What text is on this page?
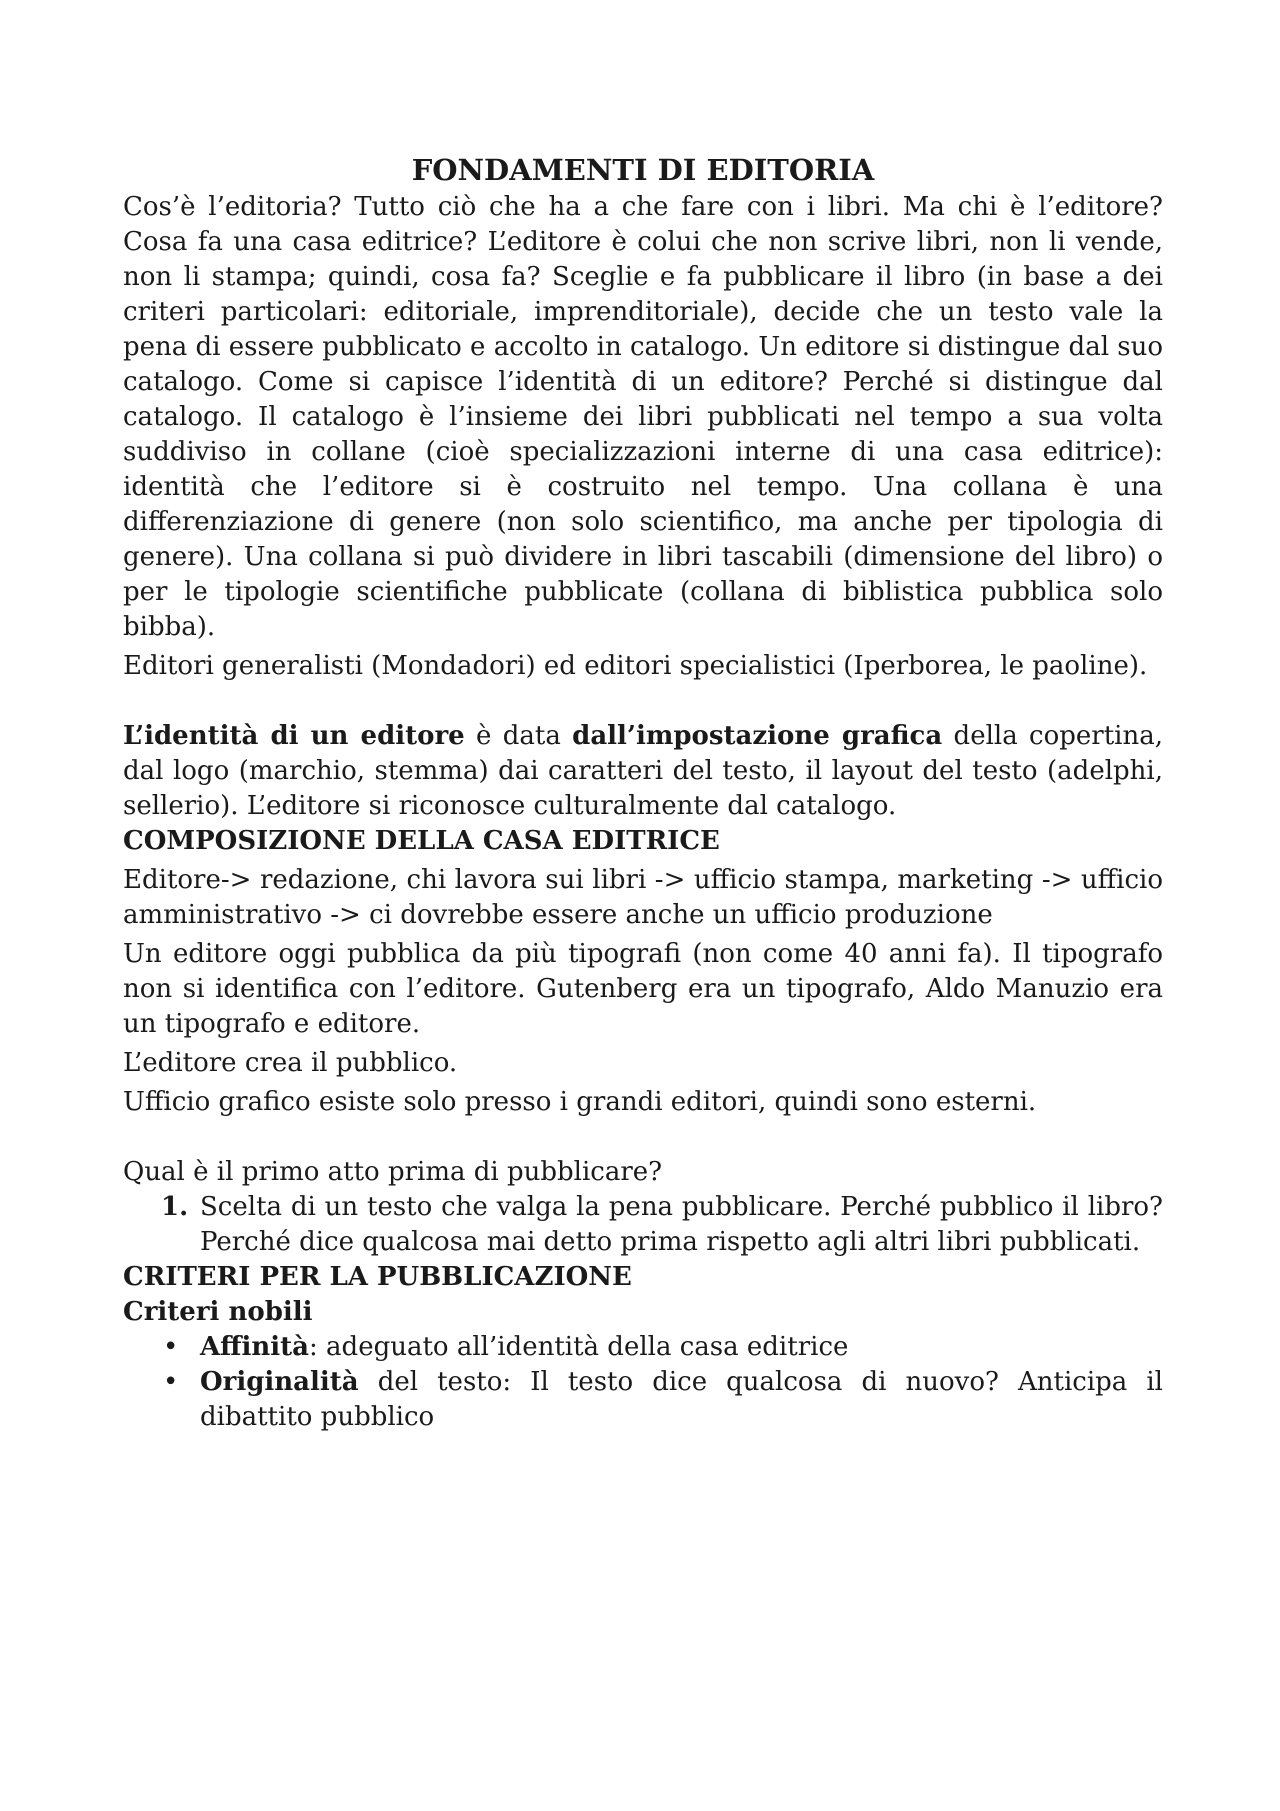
FONDAMENTI DI EDITORIA

Cos’è l’editoria? Tutto ciò che ha a che fare con i libri. Ma chi è l’editore? Cosa fa una casa editrice? L’editore è colui che non scrive libri, non li vende, non li stampa; quindi, cosa fa? Sceglie e fa pubblicare il libro (in base a dei criteri particolari: editoriale, imprenditoriale), decide che un testo vale la pena di essere pubblicato e accolto in catalogo. Un editore si distingue dal suo catalogo. Come si capisce l’identità di un editore? Perché si distingue dal catalogo. Il catalogo è l’insieme dei libri pubblicati nel tempo a sua volta suddiviso in collane (cioè specializzazioni interne di una casa editrice): identità che l’editore si è costruito nel tempo. Una collana è una differenziazione di genere (non solo scientifico, ma anche per tipologia di genere). Una collana si può dividere in libri tascabili (dimensione del libro) o per le tipologie scientifiche pubblicate (collana di biblistica pubblica solo bibba).

Editori generalisti (Mondadori) ed editori specialistici (Iperborea, le paoline).

L’identità di un editore è data dall’impostazione grafica della copertina, dal logo (marchio, stemma) dai caratteri del testo, il layout del testo (adelphi, sellerio). L’editore si riconosce culturalmente dal catalogo.

COMPOSIZIONE DELLA CASA EDITRICE

Editore-> redazione, chi lavora sui libri -> ufficio stampa, marketing -> ufficio amministrativo -> ci dovrebbe essere anche un ufficio produzione

Un editore oggi pubblica da più tipografi (non come 40 anni fa). Il tipografo non si identifica con l’editore. Gutenberg era un tipografo, Aldo Manuzio era un tipografo e editore.

L’editore crea il pubblico.

Ufficio grafico esiste solo presso i grandi editori, quindi sono esterni.

Qual è il primo atto prima di pubblicare?

1. Scelta di un testo che valga la pena pubblicare. Perché pubblico il libro? Perché dice qualcosa mai detto prima rispetto agli altri libri pubblicati.

CRITERI PER LA PUBBLICAZIONE

Criteri nobili

• Affinità: adeguato all’identità della casa editrice
• Originalità del testo: Il testo dice qualcosa di nuovo? Anticipa il dibattito pubblico
